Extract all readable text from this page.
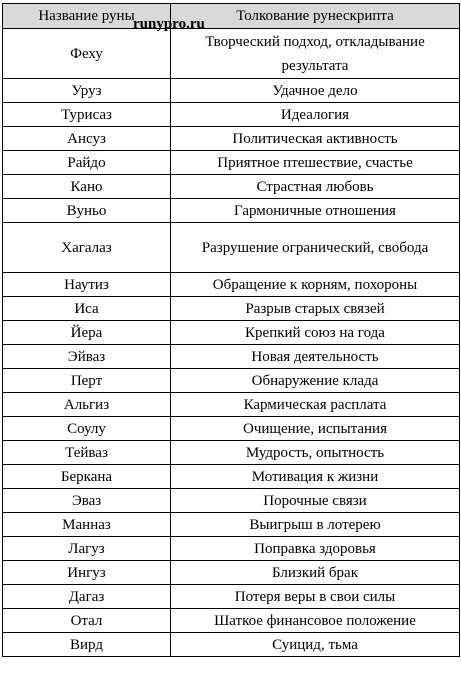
Название руны	Толкование рунескрипта
Феху	Творческий подход, откладывание результата
Уруз	Удачное дело
Турисаз	Идеалогия
Ансуз	Политическая активность
Райдо	Приятное птешествие, счастье
Кано	Страстная любовь
Вуньо	Гармоничные отношения
Хагалаз	Разрушение огранический, свобода
Наутиз	Обращение к корням, похороны
Иса	Разрыв старых связей
Йера	Крепкий союз на года
Эйваз	Новая деятельность
Перт	Обнаружение клада
Альгиз	Кармическая расплата
Соулу	Очищение, испытания
Тейваз	Мудрость, опытность
Беркана	Мотивация к жизни
Эваз	Порочные связи
Манназ	Выигрыш в лотерею
Лагуз	Поправка здоровья
Ингуз	Близкий брак
Дагаз	Потеря веры в свои силы
Отал	Шаткое финансовое положение
Вирд	Суицид, тьма
runypro.ru
